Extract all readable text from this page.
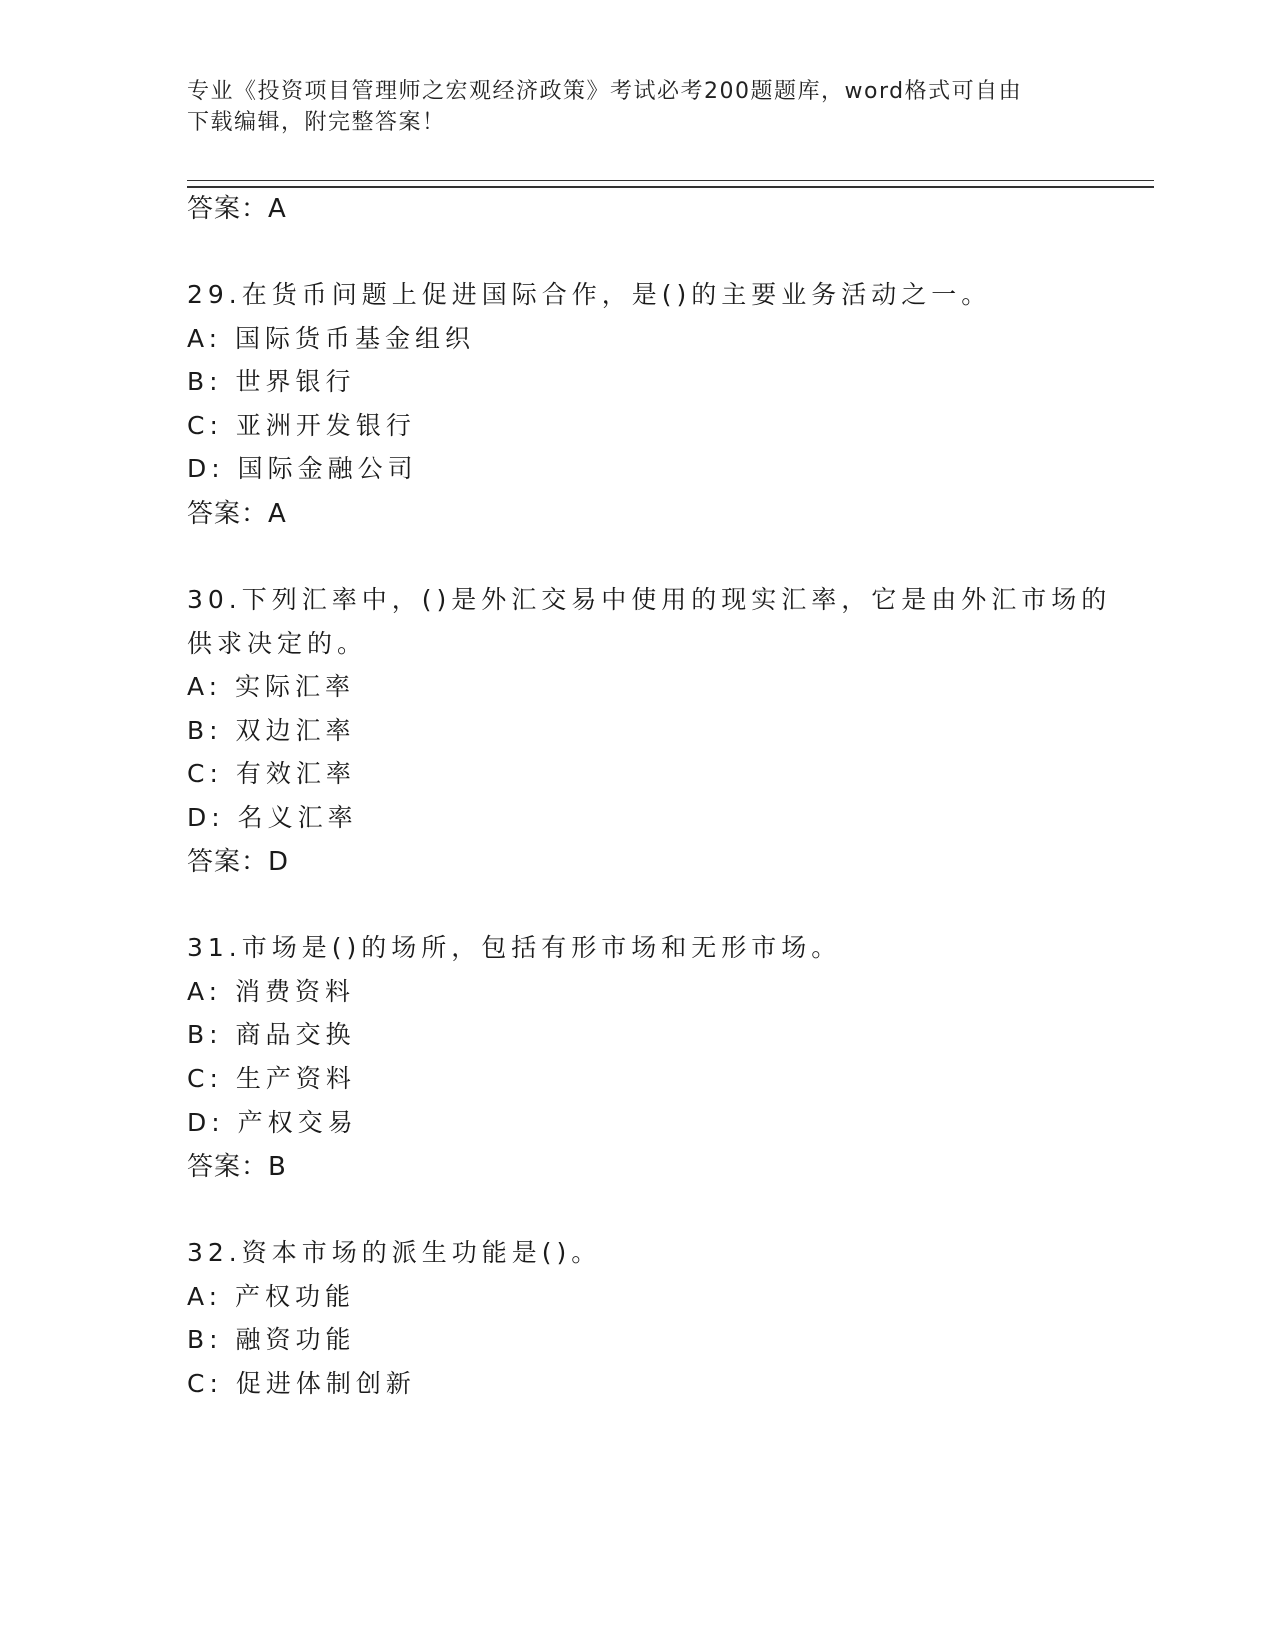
专业《投资项目管理师之宏观经济政策》考试必考200题题库，word格式可自由
下载编辑，附完整答案！
答案：A
29.在货币问题上促进国际合作，是()的主要业务活动之一。
A: 国际货币基金组织
B: 世界银行
C: 亚洲开发银行
D: 国际金融公司
答案：A
30.下列汇率中，()是外汇交易中使用的现实汇率，它是由外汇市场的
供求决定的。
A: 实际汇率
B: 双边汇率
C: 有效汇率
D: 名义汇率
答案：D
31.市场是()的场所，包括有形市场和无形市场。
A: 消费资料
B: 商品交换
C: 生产资料
D: 产权交易
答案：B
32.资本市场的派生功能是()。
A: 产权功能
B: 融资功能
C: 促进体制创新
